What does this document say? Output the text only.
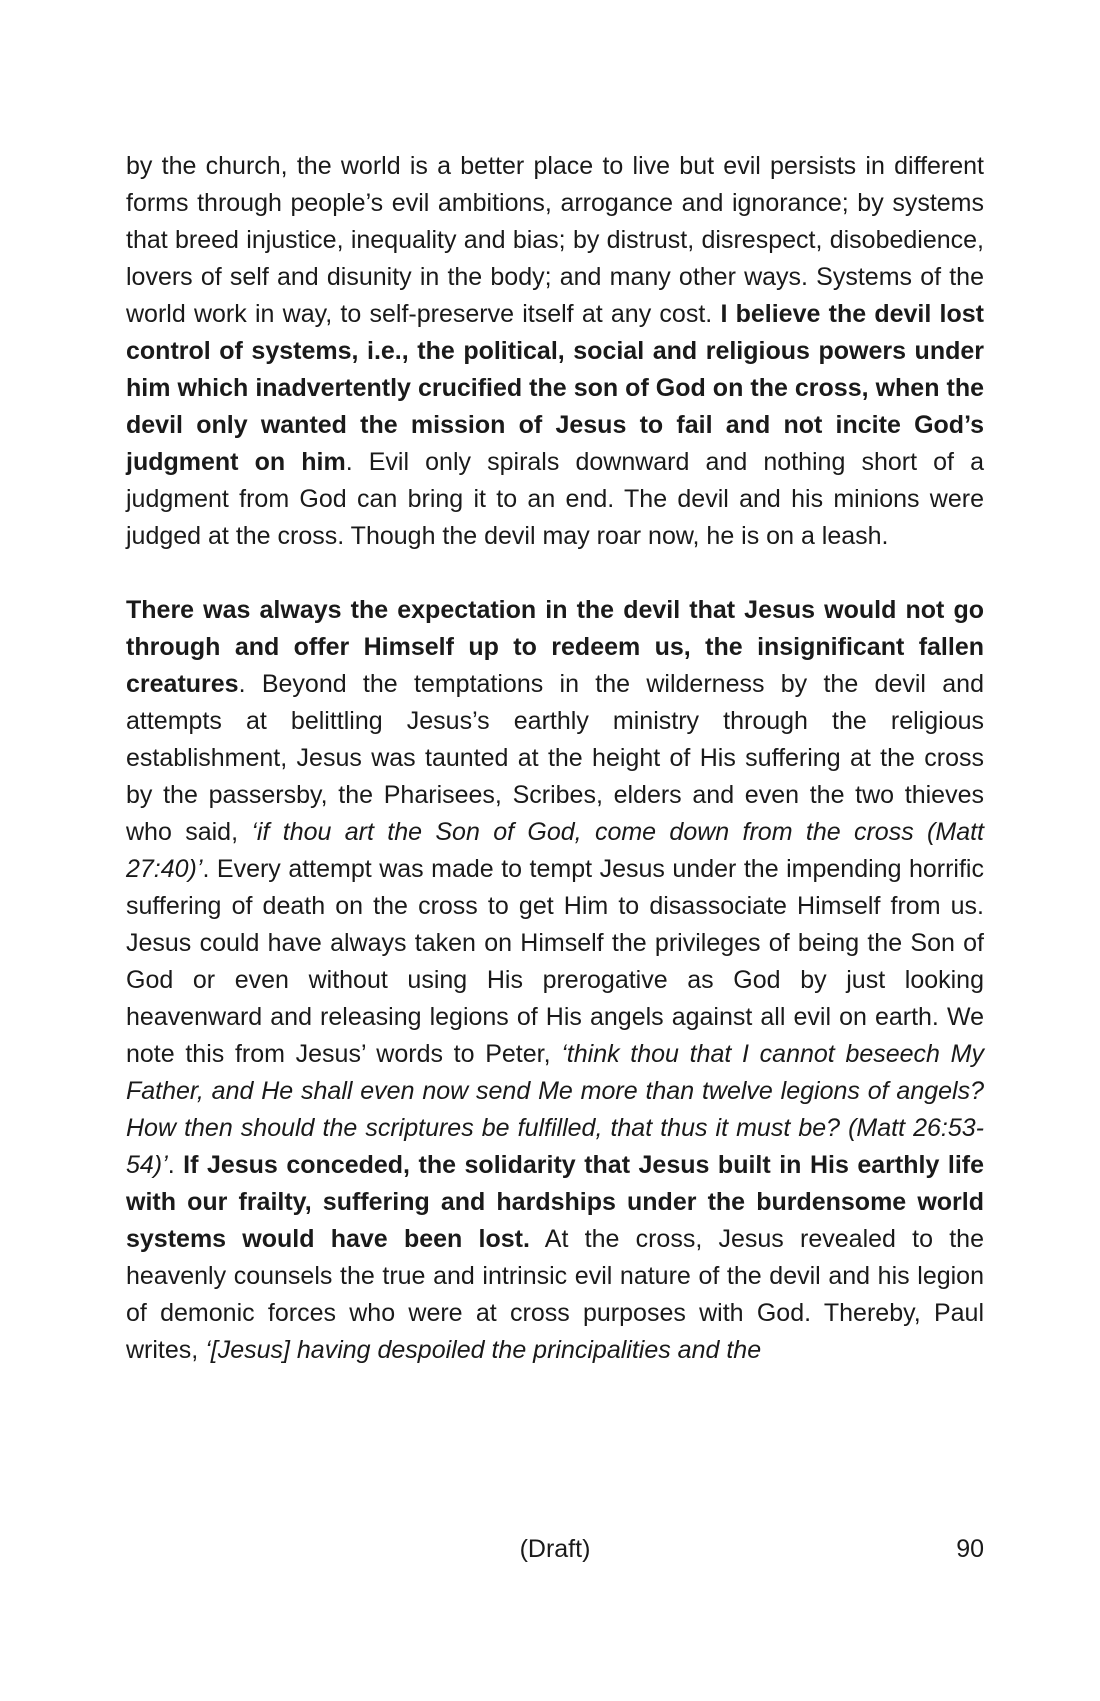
by the church, the world is a better place to live but evil persists in different forms through people’s evil ambitions, arrogance and ignorance; by systems that breed injustice, inequality and bias; by distrust, disrespect, disobedience, lovers of self and disunity in the body; and many other ways. Systems of the world work in way, to self-preserve itself at any cost. I believe the devil lost control of systems, i.e., the political, social and religious powers under him which inadvertently crucified the son of God on the cross, when the devil only wanted the mission of Jesus to fail and not incite God’s judgment on him. Evil only spirals downward and nothing short of a judgment from God can bring it to an end. The devil and his minions were judged at the cross. Though the devil may roar now, he is on a leash.

There was always the expectation in the devil that Jesus would not go through and offer Himself up to redeem us, the insignificant fallen creatures. Beyond the temptations in the wilderness by the devil and attempts at belittling Jesus’s earthly ministry through the religious establishment, Jesus was taunted at the height of His suffering at the cross by the passersby, the Pharisees, Scribes, elders and even the two thieves who said, ‘if thou art the Son of God, come down from the cross (Matt 27:40)’. Every attempt was made to tempt Jesus under the impending horrific suffering of death on the cross to get Him to disassociate Himself from us. Jesus could have always taken on Himself the privileges of being the Son of God or even without using His prerogative as God by just looking heavenward and releasing legions of His angels against all evil on earth. We note this from Jesus’ words to Peter, ‘think thou that I cannot beseech My Father, and He shall even now send Me more than twelve legions of angels? How then should the scriptures be fulfilled, that thus it must be? (Matt 26:53-54)’. If Jesus conceded, the solidarity that Jesus built in His earthly life with our frailty, suffering and hardships under the burdensome world systems would have been lost. At the cross, Jesus revealed to the heavenly counsels the true and intrinsic evil nature of the devil and his legion of demonic forces who were at cross purposes with God. Thereby, Paul writes, ‘[Jesus] having despoiled the principalities and the

(Draft)	90
